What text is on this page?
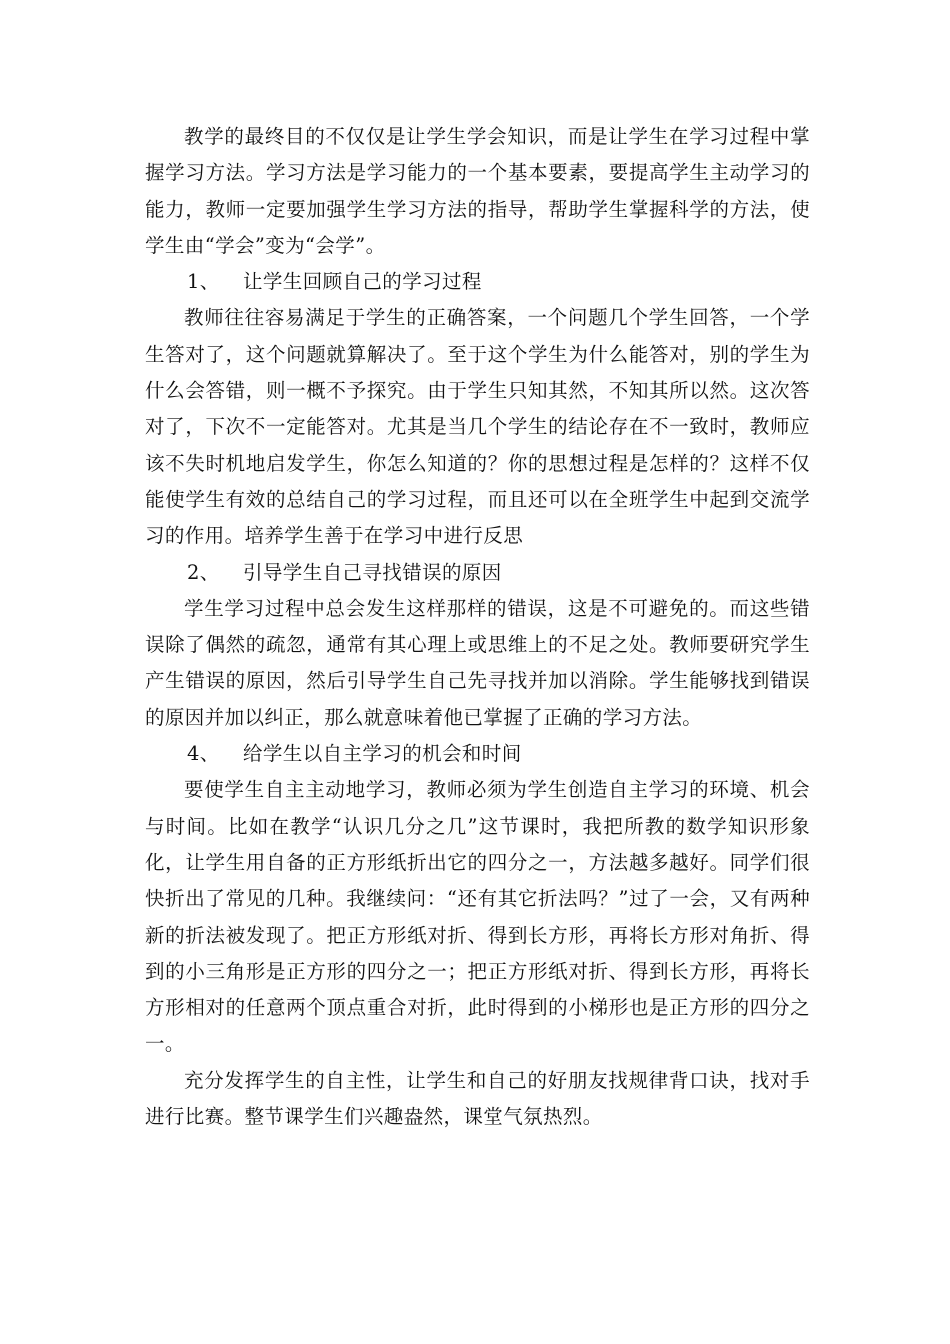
教学的最终目的不仅仅是让学生学会知识，而是让学生在学习过程中掌握学习方法。学习方法是学习能力的一个基本要素，要提高学生主动学习的能力，教师一定要加强学生学习方法的指导，帮助学生掌握科学的方法，使学生由“学会”变为“会学”。

1、 让学生回顾自己的学习过程

教师往往容易满足于学生的正确答案，一个问题几个学生回答，一个学生答对了，这个问题就算解决了。至于这个学生为什么能答对，别的学生为什么会答错，则一概不予探究。由于学生只知其然，不知其所以然。这次答对了，下次不一定能答对。尤其是当几个学生的结论存在不一致时，教师应该不失时机地启发学生，你怎么知道的？你的思想过程是怎样的？这样不仅能使学生有效的总结自己的学习过程，而且还可以在全班学生中起到交流学习的作用。培养学生善于在学习中进行反思

2、 引导学生自己寻找错误的原因

学生学习过程中总会发生这样那样的错误，这是不可避免的。而这些错误除了偶然的疏忽，通常有其心理上或思维上的不足之处。教师要研究学生产生错误的原因，然后引导学生自己先寻找并加以消除。学生能够找到错误的原因并加以纠正，那么就意味着他已掌握了正确的学习方法。

4、 给学生以自主学习的机会和时间

要使学生自主主动地学习，教师必须为学生创造自主学习的环境、机会与时间。比如在教学“认识几分之几”这节课时，我把所教的数学知识形象化，让学生用自备的正方形纸折出它的四分之一，方法越多越好。同学们很快折出了常见的几种。我继续问：“还有其它折法吗？”过了一会，又有两种新的折法被发现了。把正方形纸对折、得到长方形，再将长方形对角折、得到的小三角形是正方形的四分之一；把正方形纸对折、得到长方形，再将长方形相对的任意两个顶点重合对折，此时得到的小梯形也是正方形的四分之一。

充分发挥学生的自主性，让学生和自己的好朋友找规律背口诀，找对手进行比赛。整节课学生们兴趣盎然，课堂气氛热烈。
